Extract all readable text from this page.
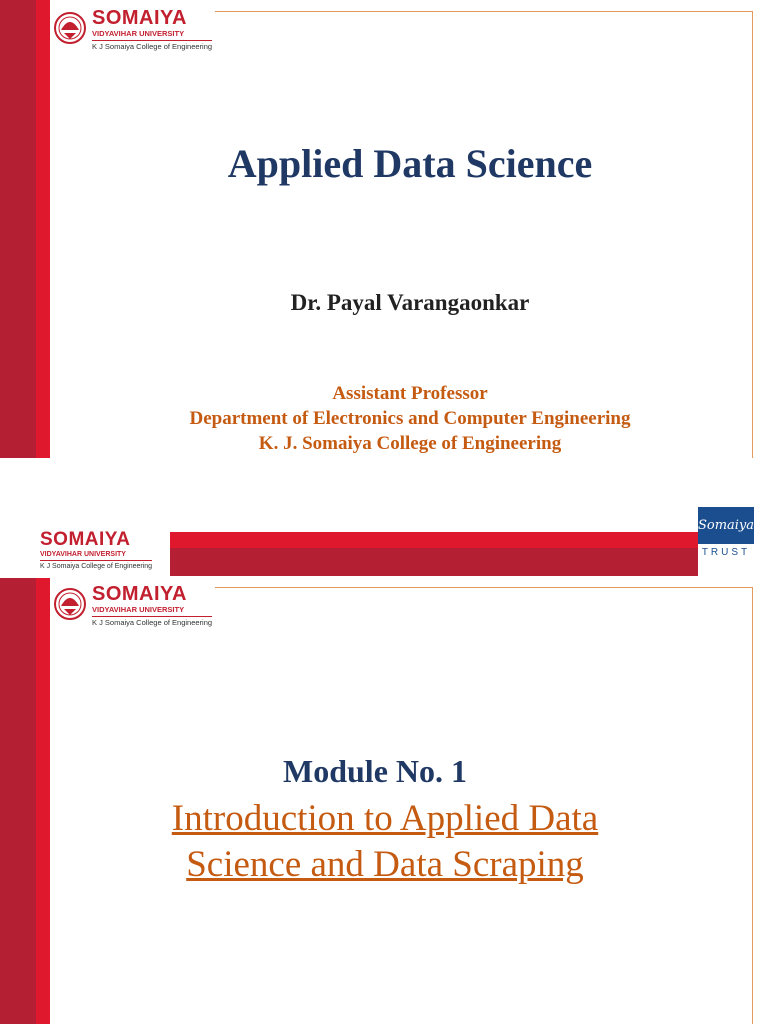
SOMAIYA
VIDYAVIHAR UNIVERSITY
K J Somaiya College of Engineering
Applied Data Science

Dr. Payal Varangaonkar

Assistant Professor
Department of Electronics and Computer Engineering
K. J. Somaiya College of Engineering
SOMAIYA
VIDYAVIHAR UNIVERSITY
K J Somaiya College of Engineering
Somaiya
TRUST
SOMAIYA
VIDYAVIHAR UNIVERSITY
K J Somaiya College of Engineering
Module No. 1

Introduction to Applied Data
Science and Data Scraping
